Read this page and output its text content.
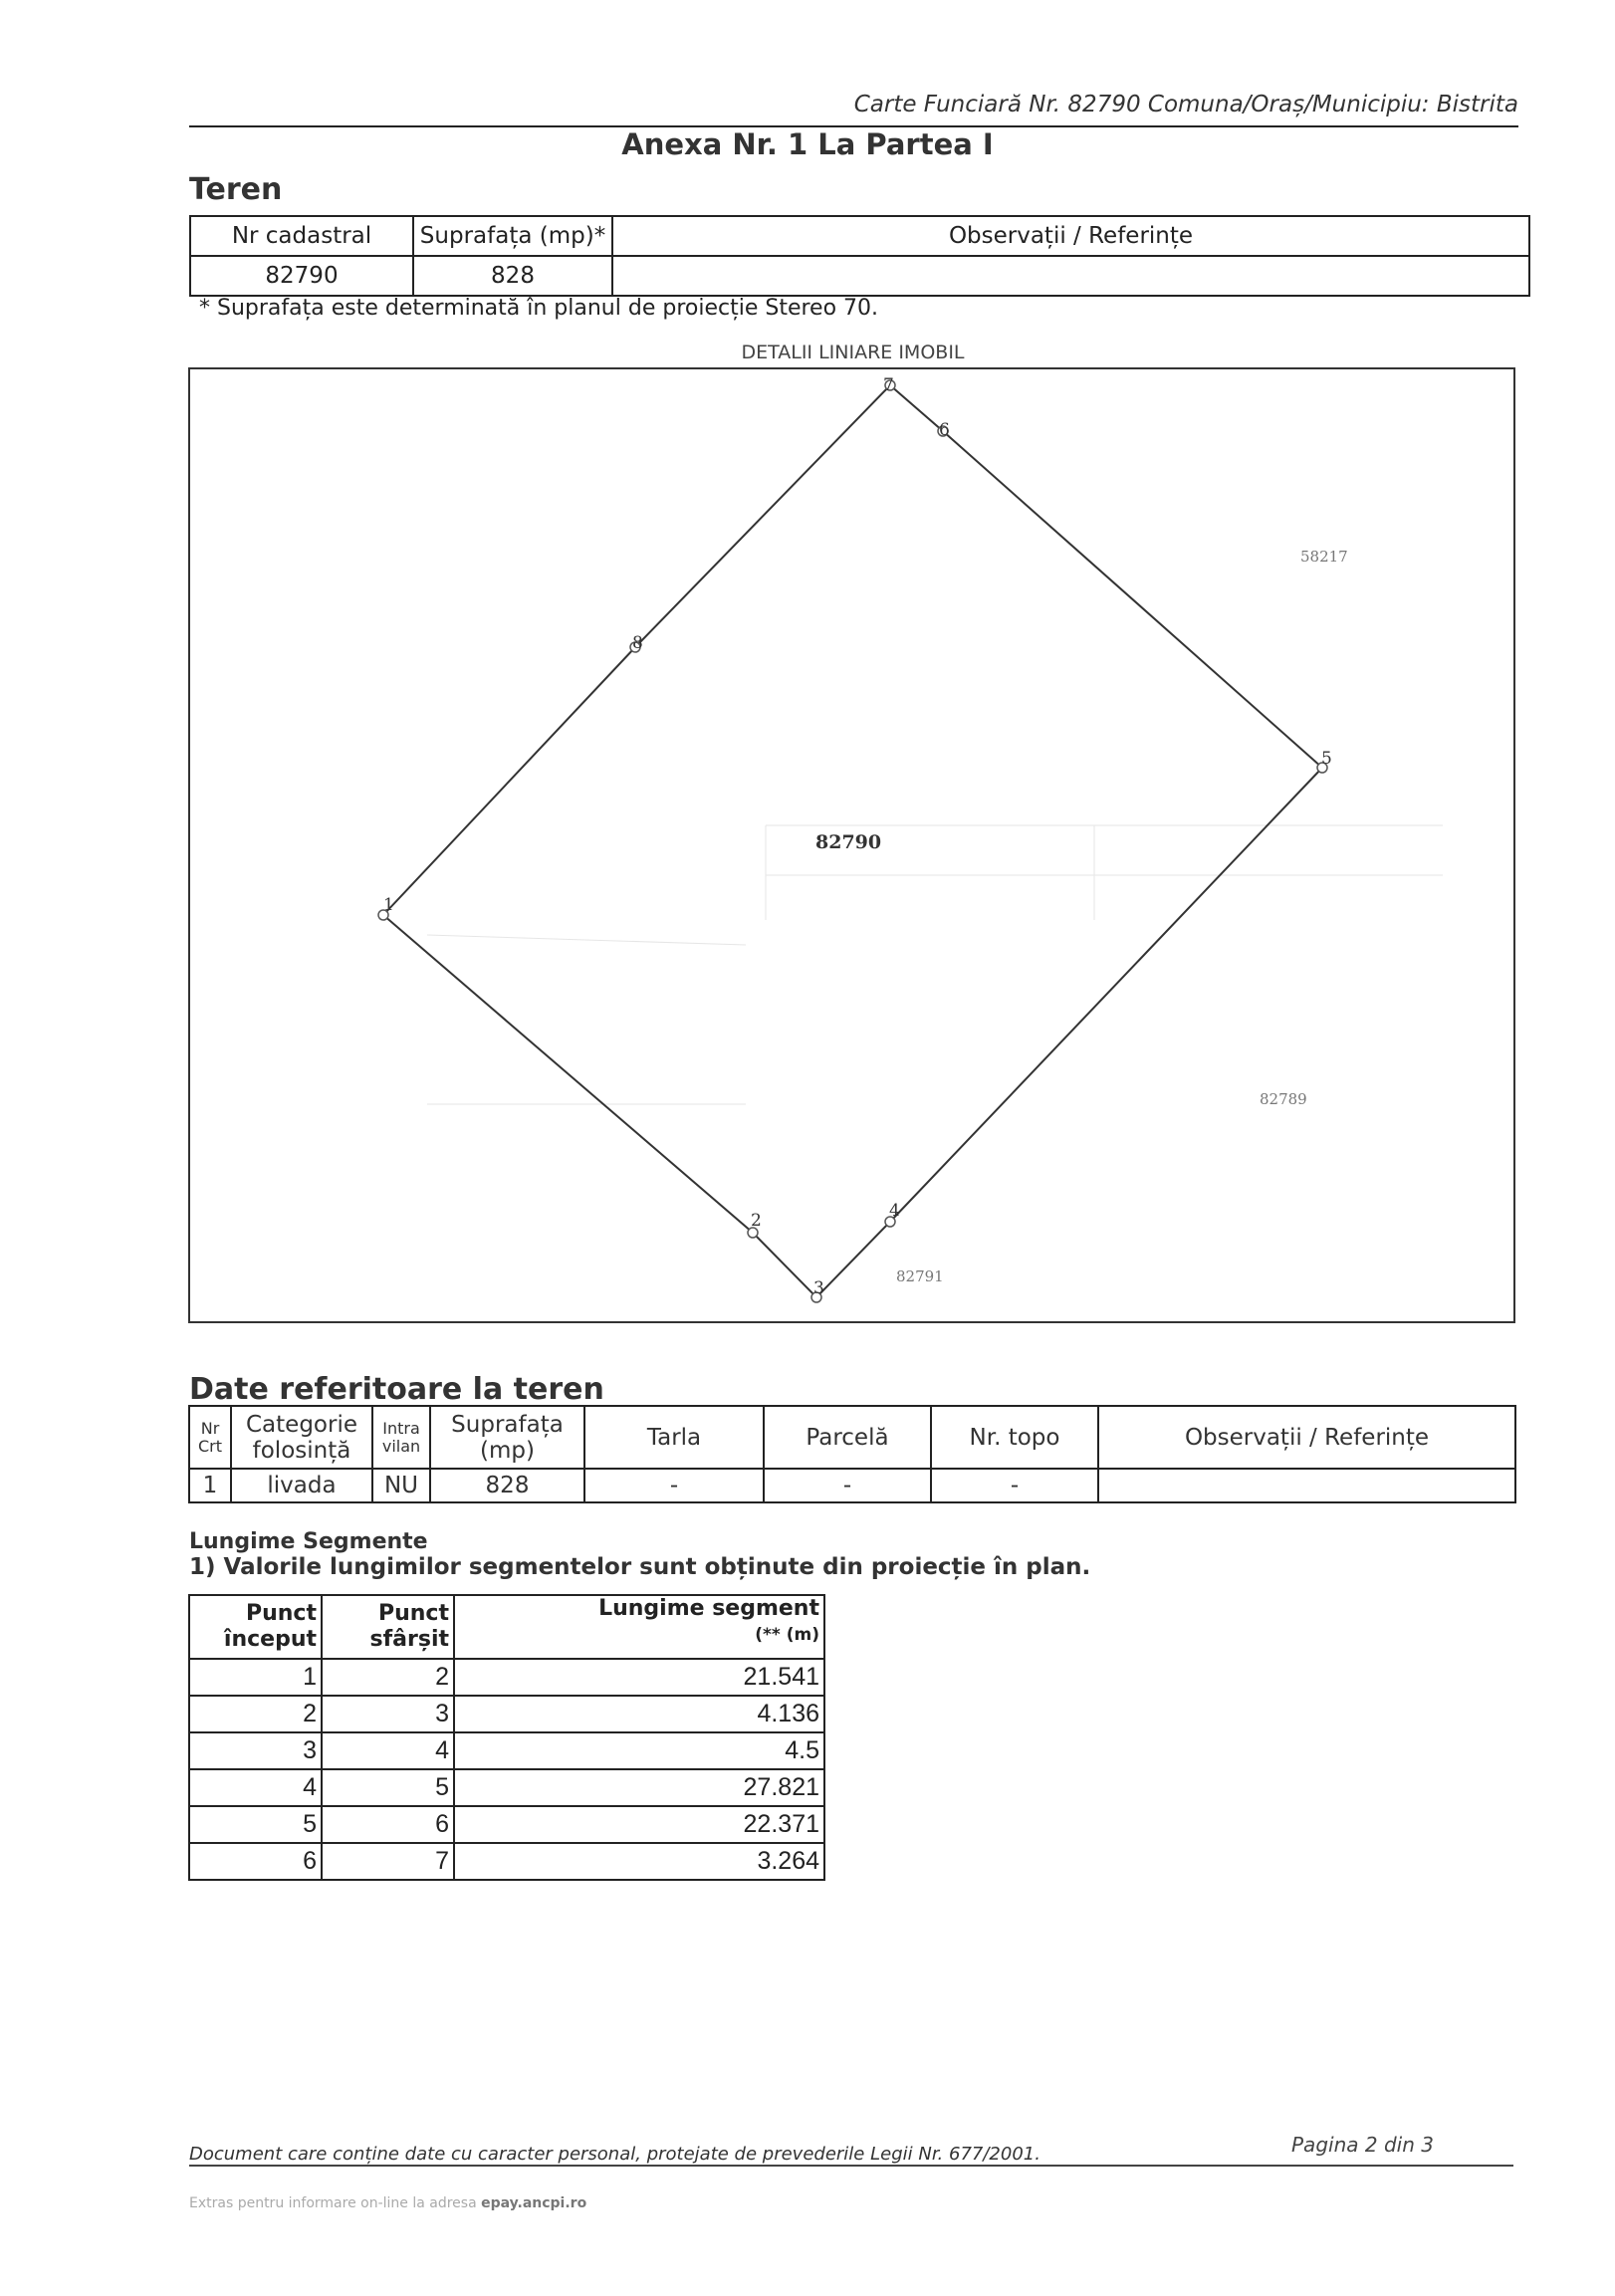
Carte Funciară Nr. 82790 Comuna/Oraș/Municipiu: Bistrita
Anexa Nr. 1 La Partea I
Teren
Nr cadastral	Suprafața (mp)*	Observații / Referințe
82790	828	
* Suprafața este determinată în planul de proiecție Stereo 70.
DETALII LINIARE IMOBIL
1
2
3
4
5
6
7
8
82790
58217
82789
82791
Date referitoare la teren
Nr Crt	Categorie folosință	Intra vilan	Suprafața (mp)	Tarla	Parcelă	Nr. topo	Observații / Referințe
1	livada	NU	828	-	-	-	
Lungime Segmente
1) Valorile lungimilor segmentelor sunt obținute din proiecție în plan.
Punct început	Punct sfârșit	Lungime segment
(** (m)

1	2	21.541
2	3	4.136
3	4	4.5
4	5	27.821
5	6	22.371
6	7	3.264
Document care conține date cu caracter personal, protejate de prevederile Legii Nr. 677/2001.	Pagina 2 din 3
Extras pentru informare on-line la adresa epay.ancpi.ro
